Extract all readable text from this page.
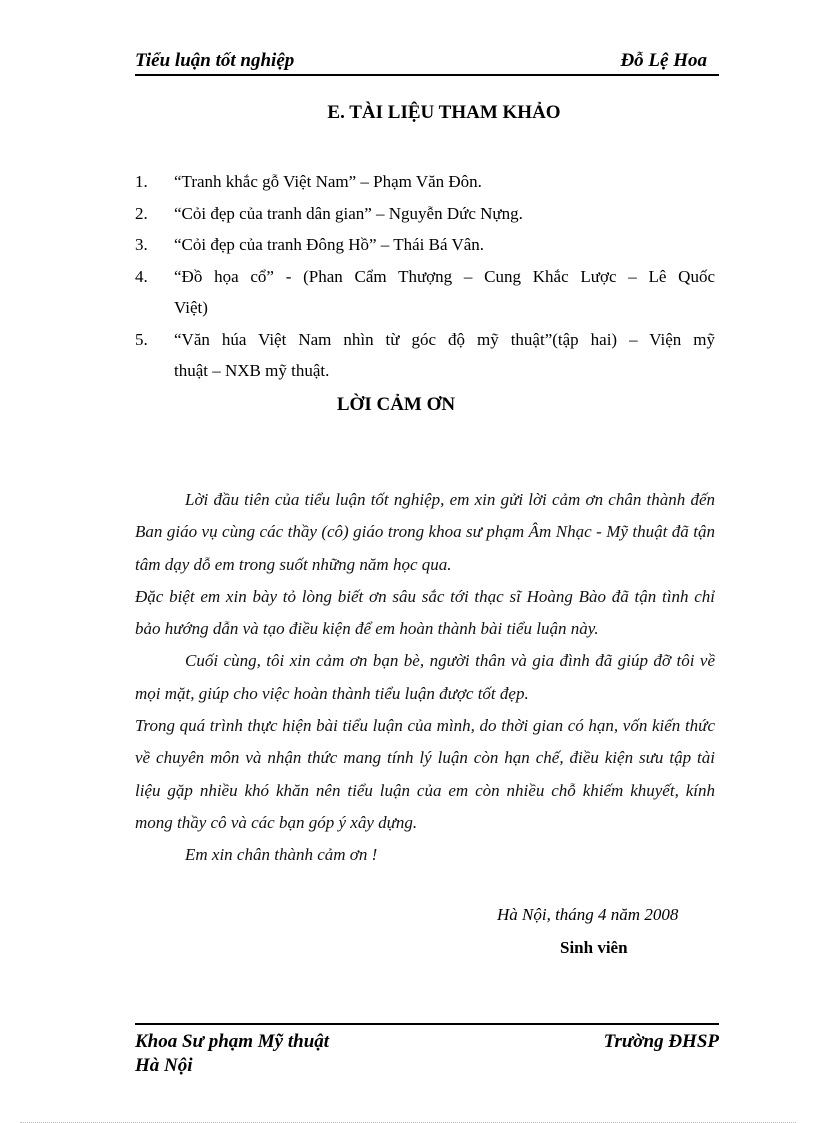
Tiểu luận tốt nghiệp	Đỗ Lệ Hoa
E. TÀI LIỆU THAM KHẢO
1. “Tranh khắc gỗ Việt Nam” – Phạm Văn Đôn.
2. “Cỏi đẹp của tranh dân gian” – Nguyễn Dức Nựng.
3. “Cỏi đẹp của tranh Đông Hồ” – Thái Bá Vân.
4. “Đồ họa cổ” - (Phan Cẩm Thượng – Cung Khắc Lược – Lê Quốc
Việt)
5. “Văn húa Việt Nam nhìn từ góc độ mỹ thuật”(tập hai) – Viện mỹ
thuật – NXB mỹ thuật.
LỜI CẢM ƠN

Lời đầu tiên của tiểu luận tốt nghiệp, em xin gửi lời cảm ơn chân thành đến Ban giáo vụ cùng các thầy (cô) giáo trong khoa sư phạm Âm Nhạc - Mỹ thuật đã tận tâm dạy dỗ em trong suốt những năm học qua.

Đặc biệt em xin bày tỏ lòng biết ơn sâu sắc tới thạc sĩ Hoàng Bào đã tận tình chỉ bảo hướng dẫn và tạo điều kiện để em hoàn thành bài tiểu luận này.

Cuối cùng, tôi xin cảm ơn bạn bè, người thân và gia đình đã giúp đỡ tôi về mọi mặt, giúp cho việc hoàn thành tiểu luận được tốt đẹp.

Trong quá trình thực hiện bài tiểu luận của mình, do thời gian có hạn, vốn kiến thức về chuyên môn và nhận thức mang tính lý luận còn hạn chế, điều kiện sưu tập tài liệu gặp nhiều khó khăn nên tiểu luận của em còn nhiều chỗ khiếm khuyết, kính mong thầy cô và các bạn góp ý xây dựng.

Em xin chân thành cảm ơn !

Hà Nội, tháng 4 năm 2008
Sinh viên
Khoa Sư phạm Mỹ thuật
Hà Nội
Trường ĐHSP
